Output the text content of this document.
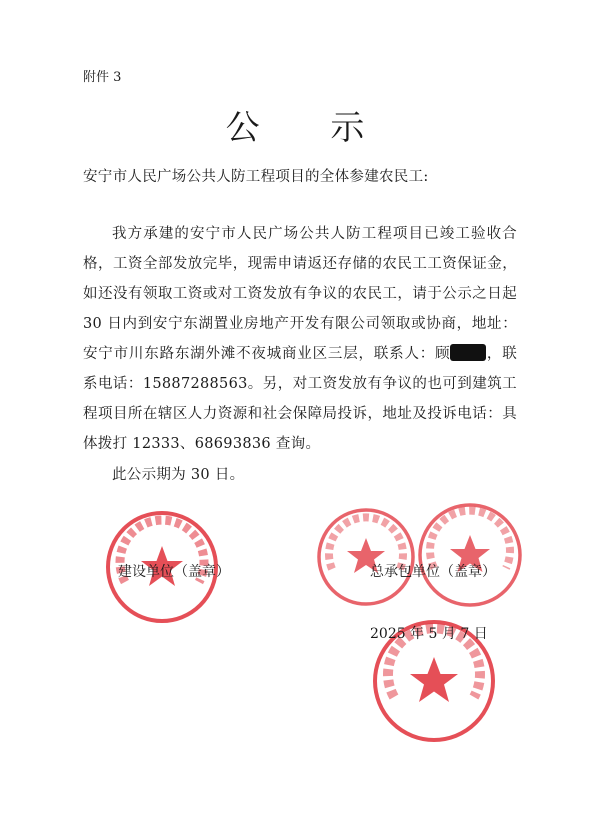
附件 3
公 示
安宁市人民广场公共人防工程项目的全体参建农民工:
我方承建的安宁市人民广场公共人防工程项目已竣工验收合格，工资全部发放完毕，现需申请返还存储的农民工工资保证金，如还没有领取工资或对工资发放有争议的农民工，请于公示之日起 30 日内到安宁东湖置业房地产开发有限公司领取或协商，地址：安宁市川东路东湖外滩不夜城商业区三层，联系人：顾 ，联系电话：15887288563。另，对工资发放有争议的也可到建筑工程项目所在辖区人力资源和社会保障局投诉，地址及投诉电话：具体拨打 12333、68693836 查询。
此公示期为 30 日。
建设单位（盖章）	总承包单位（盖章）
2025 年 5 月 7 日
